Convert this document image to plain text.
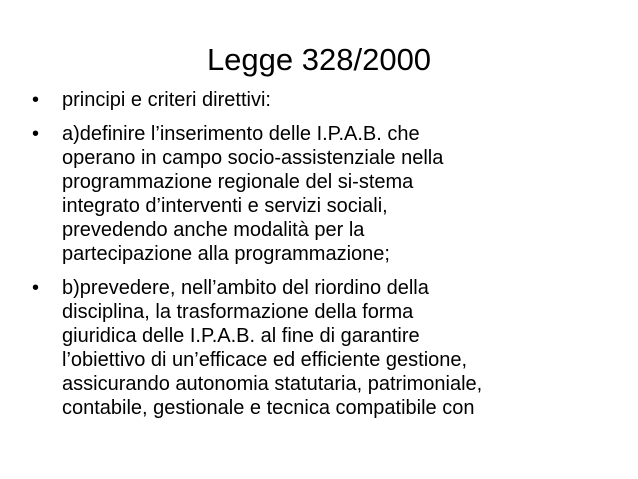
Legge 328/2000
• principi e criteri direttivi:
• a)definire l’inserimento delle I.P.A.B. che
operano in campo socio-assistenziale nella
programmazione regionale del si-stema
integrato d’interventi e servizi sociali,
prevedendo anche modalità per la
partecipazione alla programmazione;
• b)prevedere, nell’ambito del riordino della
disciplina, la trasformazione della forma
giuridica delle I.P.A.B. al fine di garantire
l’obiettivo di un’efficace ed efficiente gestione,
assicurando autonomia statutaria, patrimoniale,
contabile, gestionale e tecnica compatibile con
